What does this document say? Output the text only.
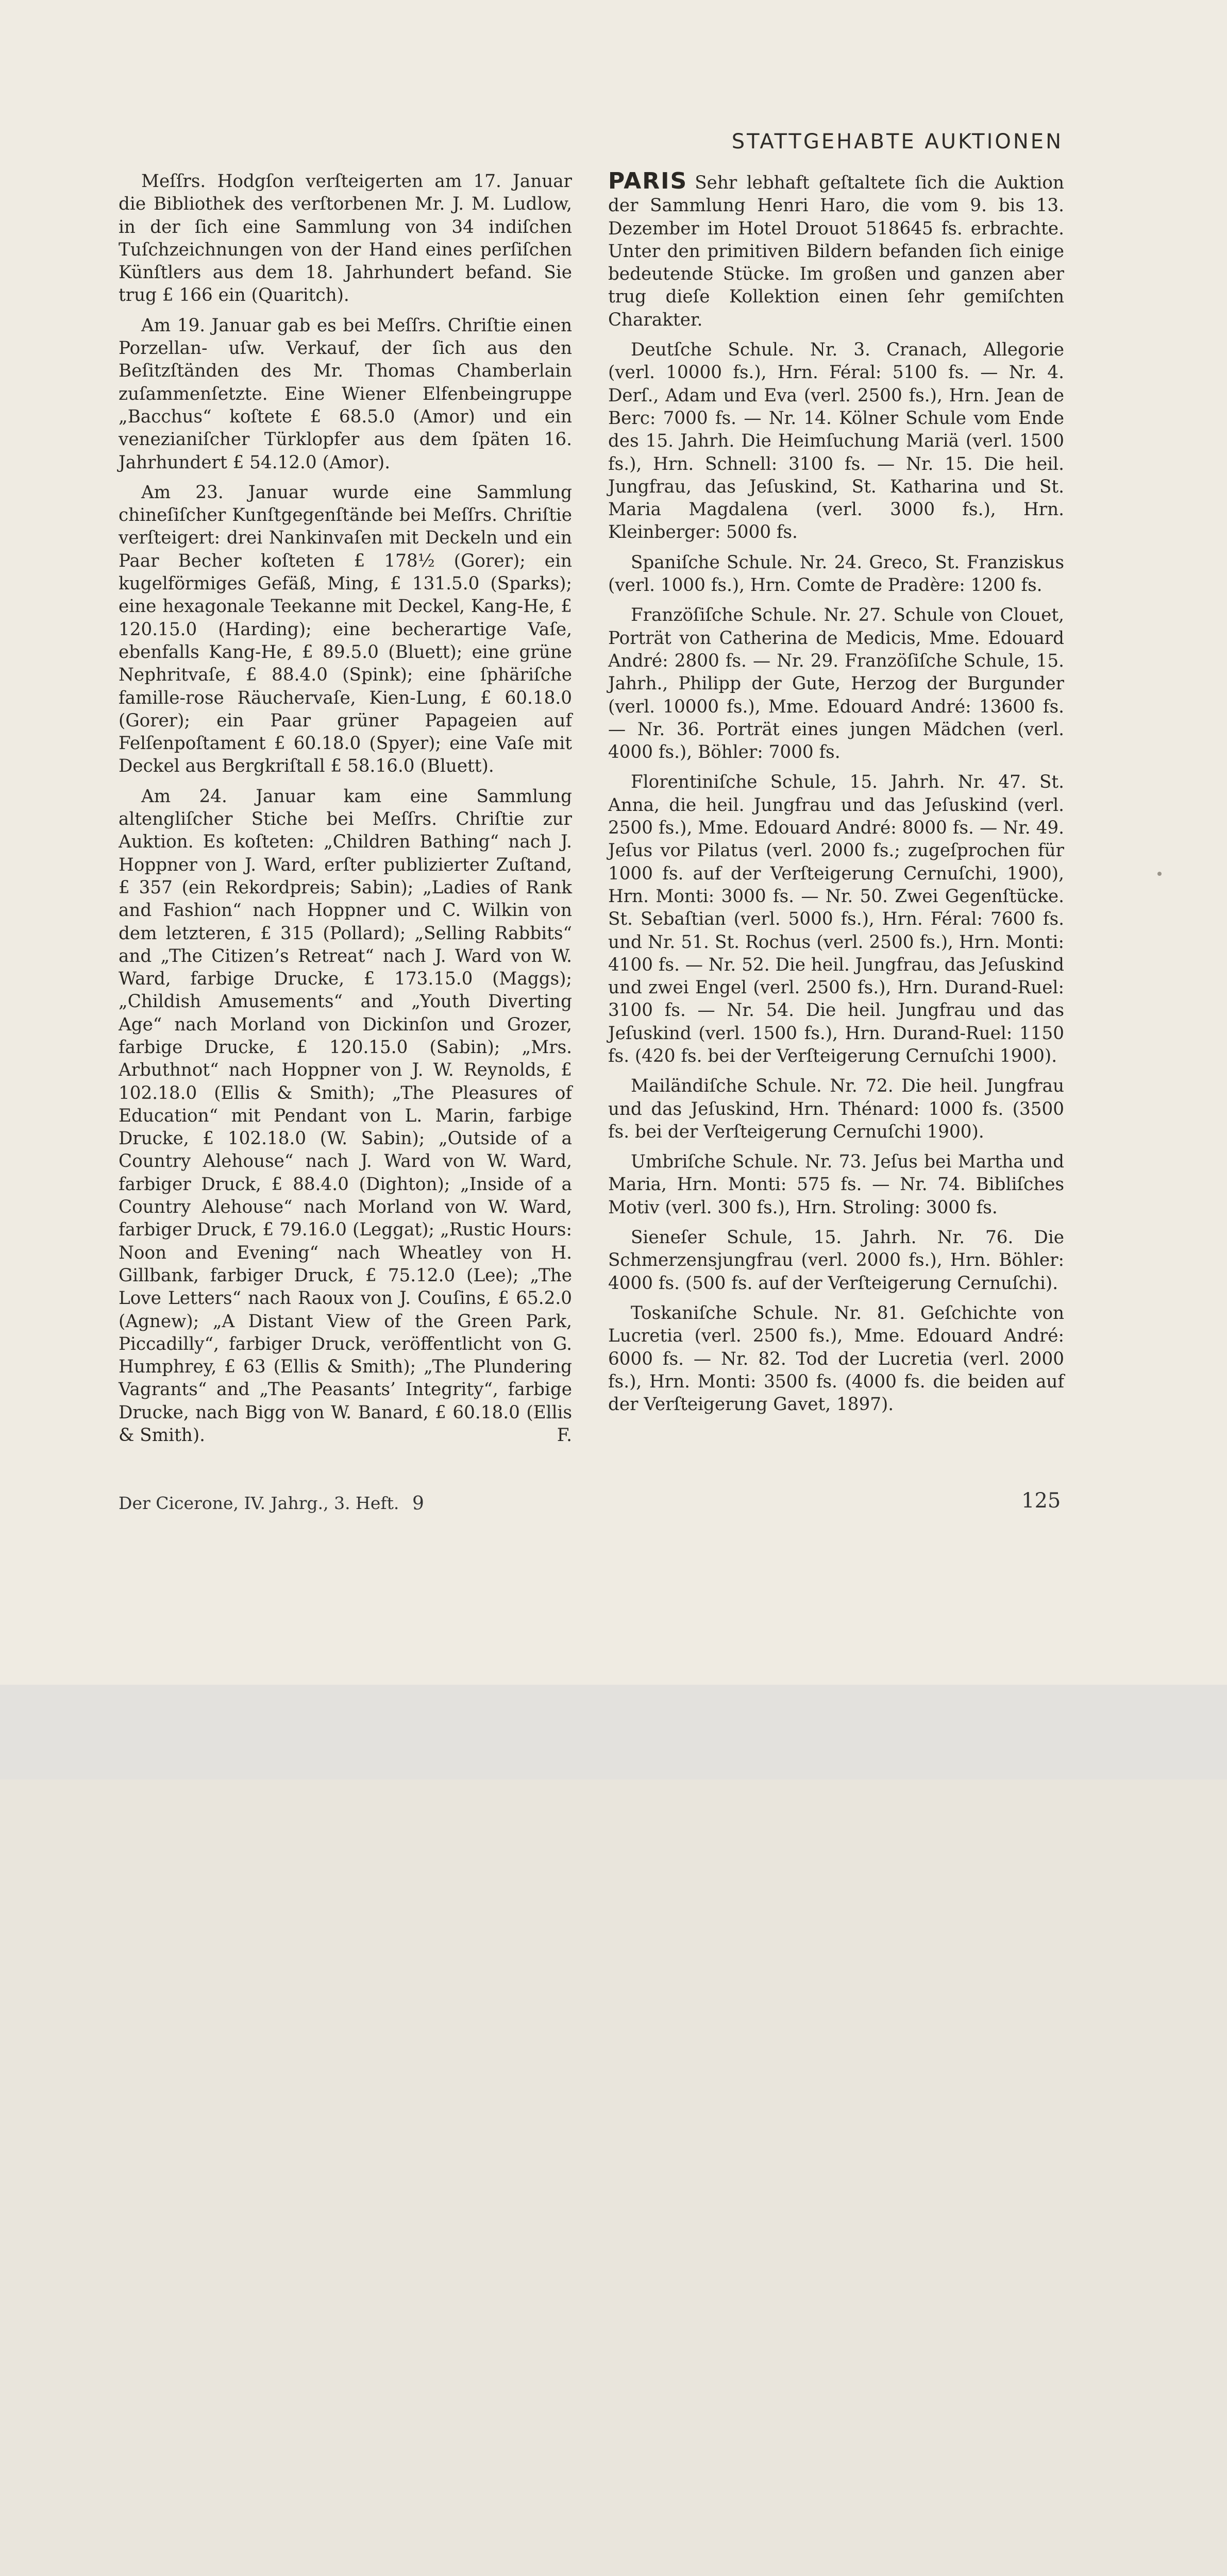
STATTGEHABTE AUKTIONEN

Meſſrs. Hodgſon verſteigerten am 17. Januar die Bibliothek des verſtorbenen Mr. J. M. Ludlow, in der ſich eine Sammlung von 34 indiſchen Tuſchzeichnungen von der Hand eines perſiſchen Künſtlers aus dem 18. Jahrhundert befand. Sie trug £ 166 ein (Quaritch).

Am 19. Januar gab es bei Meſſrs. Chriſtie einen Porzellan- uſw. Verkauf, der ſich aus den Beſitzſtänden des Mr. Thomas Chamberlain zuſammenſetzte. Eine Wiener Elfenbeingruppe „Bacchus“ koſtete £ 68.5.0 (Amor) und ein venezianiſcher Türklopfer aus dem ſpäten 16. Jahrhundert £ 54.12.0 (Amor).

Am 23. Januar wurde eine Sammlung chineſiſcher Kunſtgegenſtände bei Meſſrs. Chriſtie verſteigert: drei Nankinvaſen mit Deckeln und ein Paar Becher koſteten £ 178½ (Gorer); ein kugelförmiges Gefäß, Ming, £ 131.5.0 (Sparks); eine hexagonale Teekanne mit Deckel, Kang-He, £ 120.15.0 (Harding); eine becherartige Vaſe, ebenfalls Kang-He, £ 89.5.0 (Bluett); eine grüne Nephritvaſe, £ 88.4.0 (Spink); eine ſphäriſche famille-rose Räuchervaſe, Kien-Lung, £ 60.18.0 (Gorer); ein Paar grüner Papageien auf Felſenpoſtament £ 60.18.0 (Spyer); eine Vaſe mit Deckel aus Bergkriſtall £ 58.16.0 (Bluett).

Am 24. Januar kam eine Sammlung altengliſcher Stiche bei Meſſrs. Chriſtie zur Auktion. Es koſteten: „Children Bathing“ nach J. Hoppner von J. Ward, erſter publizierter Zuſtand, £ 357 (ein Rekordpreis; Sabin); „Ladies of Rank and Fashion“ nach Hoppner und C. Wilkin von dem letzteren, £ 315 (Pollard); „Selling Rabbits“ and „The Citizen’s Retreat“ nach J. Ward von W. Ward, farbige Drucke, £ 173.15.0 (Maggs); „Childish Amusements“ and „Youth Diverting Age“ nach Morland von Dickinſon und Grozer, farbige Drucke, £ 120.15.0 (Sabin); „Mrs. Arbuthnot“ nach Hoppner von J. W. Reynolds, £ 102.18.0 (Ellis & Smith); „The Pleasures of Education“ mit Pendant von L. Marin, farbige Drucke, £ 102.18.0 (W. Sabin); „Outside of a Country Alehouse“ nach J. Ward von W. Ward, farbiger Druck, £ 88.4.0 (Dighton); „Inside of a Country Alehouse“ nach Morland von W. Ward, farbiger Druck, £ 79.16.0 (Leggat); „Rustic Hours: Noon and Evening“ nach Wheatley von H. Gillbank, farbiger Druck, £ 75.12.0 (Lee); „The Love Letters“ nach Raoux von J. Couſins, £ 65.2.0 (Agnew); „A Distant View of the Green Park, Piccadilly“, farbiger Druck, veröffentlicht von G. Humphrey, £ 63 (Ellis & Smith); „The Plundering Vagrants“ and „The Peasants’ Integrity“, farbige Drucke, nach Bigg von W. Banard, £ 60.18.0 (Ellis & Smith).	F.

PARIS Sehr lebhaft geſtaltete ſich die Auktion der Sammlung Henri Haro, die vom 9. bis 13. Dezember im Hotel Drouot 518645 fs. erbrachte. Unter den primitiven Bildern befanden ſich einige bedeutende Stücke. Im großen und ganzen aber trug dieſe Kollektion einen ſehr gemiſchten Charakter.

Deutſche Schule. Nr. 3. Cranach, Allegorie (verl. 10000 fs.), Hrn. Féral: 5100 fs. — Nr. 4. Derſ., Adam und Eva (verl. 2500 fs.), Hrn. Jean de Berc: 7000 fs. — Nr. 14. Kölner Schule vom Ende des 15. Jahrh. Die Heimſuchung Mariä (verl. 1500 fs.), Hrn. Schnell: 3100 fs. — Nr. 15. Die heil. Jungfrau, das Jeſuskind, St. Katharina und St. Maria Magdalena (verl. 3000 fs.), Hrn. Kleinberger: 5000 fs.

Spaniſche Schule. Nr. 24. Greco, St. Franziskus (verl. 1000 fs.), Hrn. Comte de Pradère: 1200 fs.

Franzöſiſche Schule. Nr. 27. Schule von Clouet, Porträt von Catherina de Medicis, Mme. Edouard André: 2800 fs. — Nr. 29. Franzöſiſche Schule, 15. Jahrh., Philipp der Gute, Herzog der Burgunder (verl. 10000 fs.), Mme. Edouard André: 13600 fs. — Nr. 36. Porträt eines jungen Mädchen (verl. 4000 fs.), Böhler: 7000 fs.

Florentiniſche Schule, 15. Jahrh. Nr. 47. St. Anna, die heil. Jungfrau und das Jeſuskind (verl. 2500 fs.), Mme. Edouard André: 8000 fs. — Nr. 49. Jeſus vor Pilatus (verl. 2000 fs.; zugeſprochen für 1000 fs. auf der Verſteigerung Cernuſchi, 1900), Hrn. Monti: 3000 fs. — Nr. 50. Zwei Gegenſtücke. St. Sebaſtian (verl. 5000 fs.), Hrn. Féral: 7600 fs. und Nr. 51. St. Rochus (verl. 2500 fs.), Hrn. Monti: 4100 fs. — Nr. 52. Die heil. Jungfrau, das Jeſuskind und zwei Engel (verl. 2500 fs.), Hrn. Durand-Ruel: 3100 fs. — Nr. 54. Die heil. Jungfrau und das Jeſuskind (verl. 1500 fs.), Hrn. Durand-Ruel: 1150 fs. (420 fs. bei der Verſteigerung Cernuſchi 1900).

Mailändiſche Schule. Nr. 72. Die heil. Jungfrau und das Jeſuskind, Hrn. Thénard: 1000 fs. (3500 fs. bei der Verſteigerung Cernuſchi 1900).

Umbriſche Schule. Nr. 73. Jeſus bei Martha und Maria, Hrn. Monti: 575 fs. — Nr. 74. Bibliſches Motiv (verl. 300 fs.), Hrn. Stroling: 3000 fs.

Sieneſer Schule, 15. Jahrh. Nr. 76. Die Schmerzensjungfrau (verl. 2000 fs.), Hrn. Böhler: 4000 fs. (500 fs. auf der Verſteigerung Cernuſchi).

Toskaniſche Schule. Nr. 81. Geſchichte von Lucretia (verl. 2500 fs.), Mme. Edouard André: 6000 fs. — Nr. 82. Tod der Lucretia (verl. 2000 fs.), Hrn. Monti: 3500 fs. (4000 fs. die beiden auf der Verſteigerung Gavet, 1897).

Der Cicerone, IV. Jahrg., 3. Heft. 9	125
